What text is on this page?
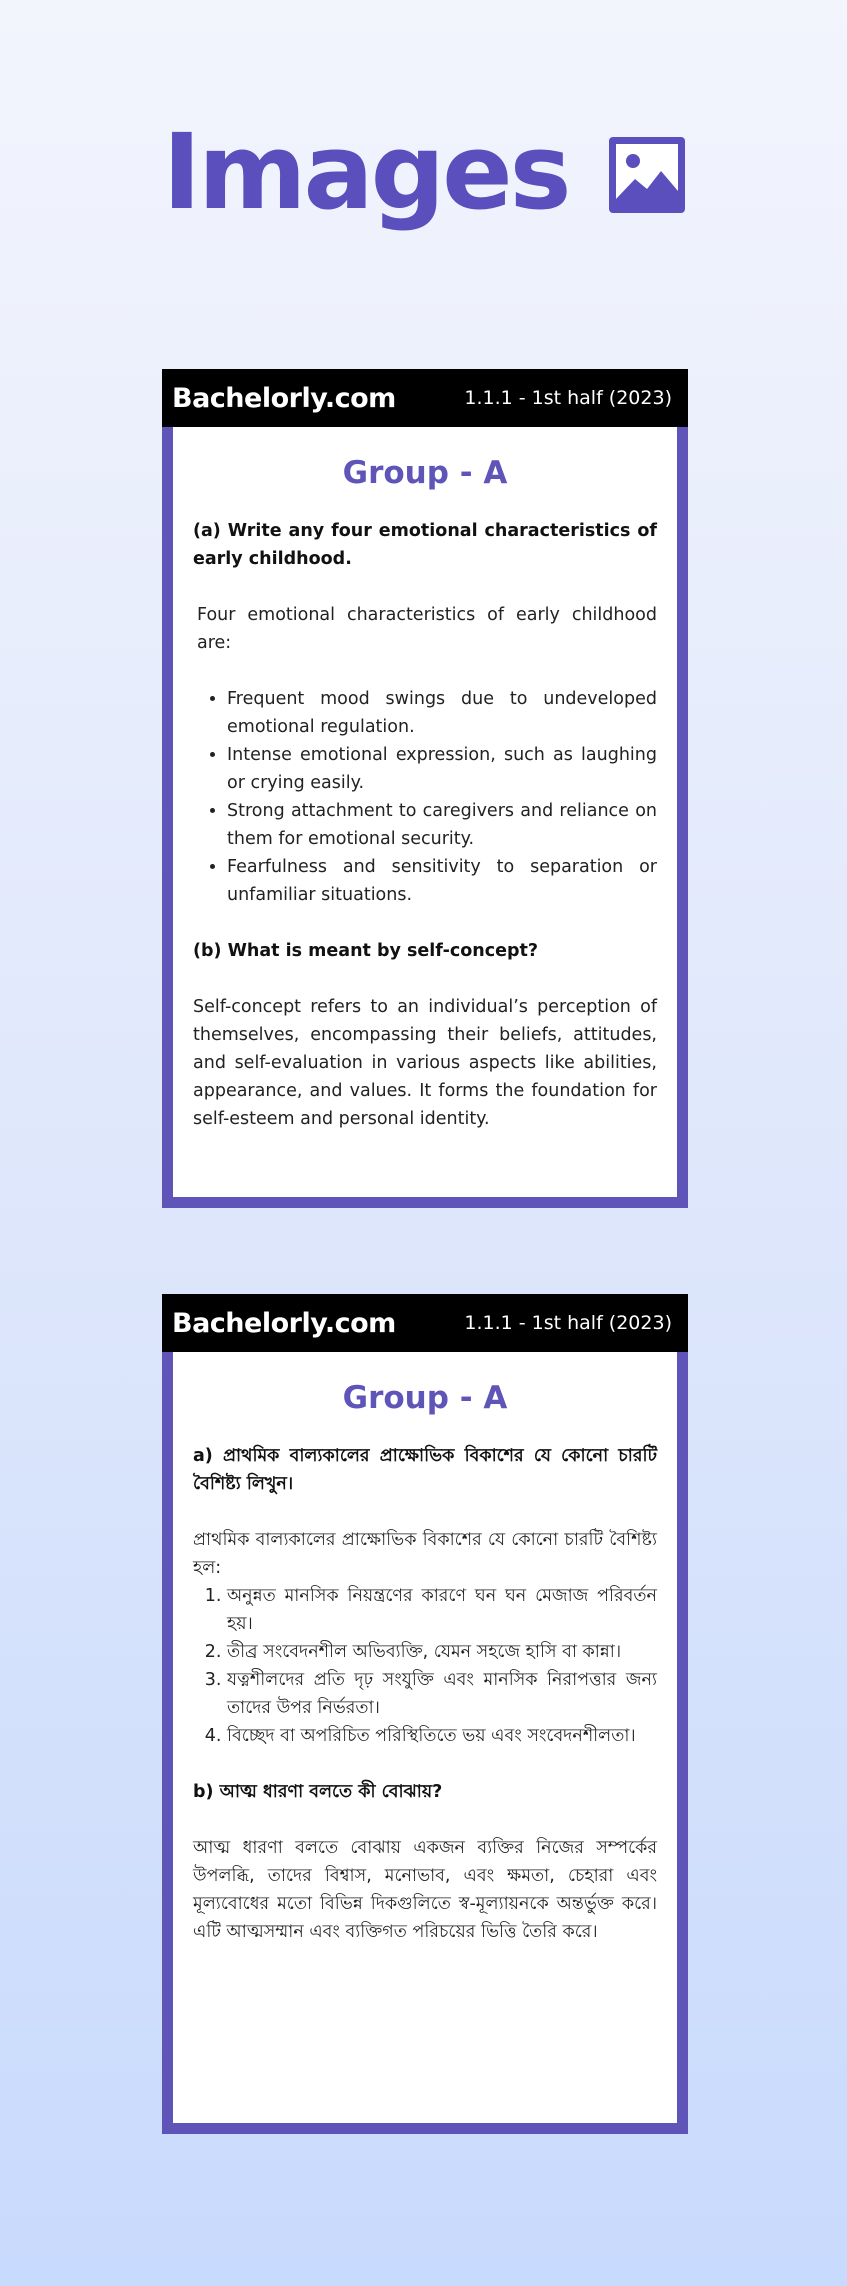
Images
Bachelorly.com	1.1.1 - 1st half (2023)
Group - A

(a) Write any four emotional characteristics of early childhood.

Four emotional characteristics of early childhood are:

• Frequent mood swings due to undeveloped emotional regulation.
• Intense emotional expression, such as laughing or crying easily.
• Strong attachment to caregivers and reliance on them for emotional security.
• Fearfulness and sensitivity to separation or unfamiliar situations.

(b) What is meant by self-concept?

Self-concept refers to an individual’s perception of themselves, encompassing their beliefs, attitudes, and self-evaluation in various aspects like abilities, appearance, and values. It forms the foundation for self-esteem and personal identity.

Bachelorly.com	1.1.1 - 1st half (2023)
Group - A

a) প্রাথমিক বাল্যকালের প্রাক্ষোভিক বিকাশের যে কোনো চারটি বৈশিষ্ট্য লিখুন।

প্রাথমিক বাল্যকালের প্রাক্ষোভিক বিকাশের যে কোনো চারটি বৈশিষ্ট্য হল:

1. অনুন্নত মানসিক নিয়ন্ত্রণের কারণে ঘন ঘন মেজাজ পরিবর্তন হয়।
2. তীব্র সংবেদনশীল অভিব্যক্তি, যেমন সহজে হাসি বা কান্না।
3. যত্নশীলদের প্রতি দৃঢ় সংযুক্তি এবং মানসিক নিরাপত্তার জন্য তাদের উপর নির্ভরতা।
4. বিচ্ছেদ বা অপরিচিত পরিস্থিতিতে ভয় এবং সংবেদনশীলতা।

b) আত্ম ধারণা বলতে কী বোঝায়?

আত্ম ধারণা বলতে বোঝায় একজন ব্যক্তির নিজের সম্পর্কের উপলব্ধি, তাদের বিশ্বাস, মনোভাব, এবং ক্ষমতা, চেহারা এবং মূল্যবোধের মতো বিভিন্ন দিকগুলিতে স্ব-মূল্যায়নকে অন্তর্ভুক্ত করে। এটি আত্মসম্মান এবং ব্যক্তিগত পরিচয়ের ভিত্তি তৈরি করে।
